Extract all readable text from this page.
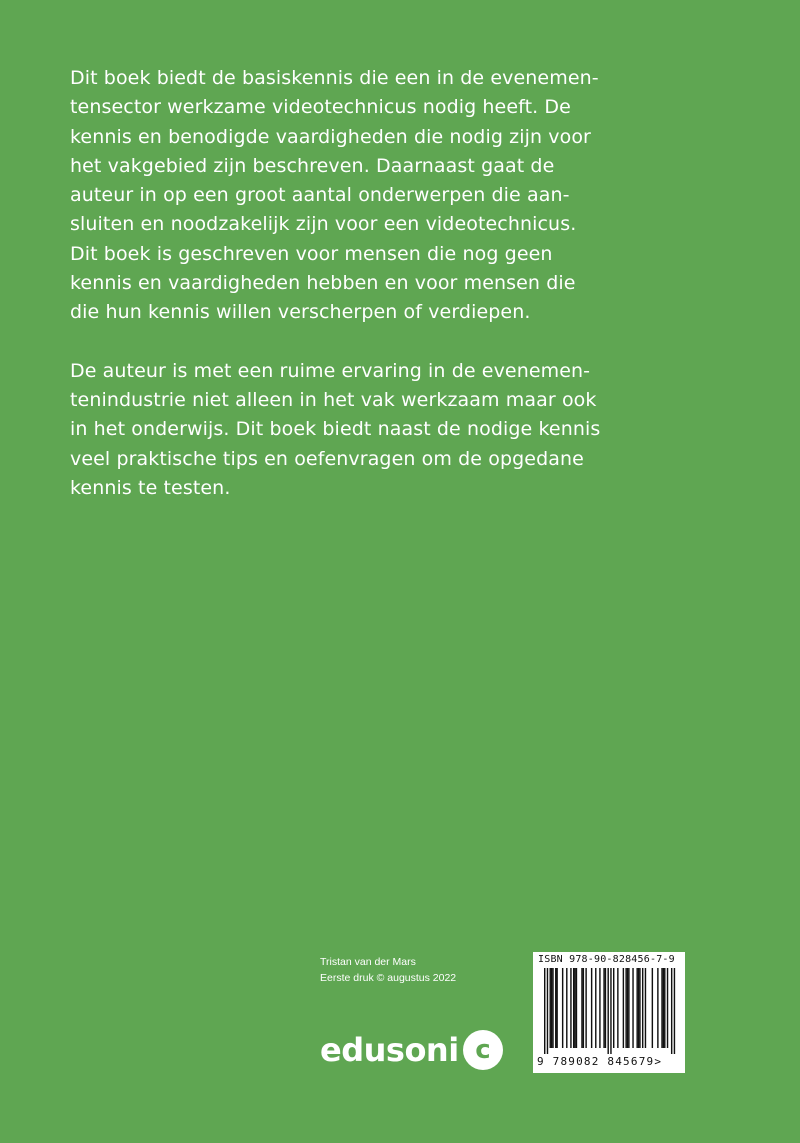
Dit boek biedt de basiskennis die een in de evenemen-
tensector werkzame videotechnicus nodig heeft. De
kennis en benodigde vaardigheden die nodig zijn voor
het vakgebied zijn beschreven. Daarnaast gaat de
auteur in op een groot aantal onderwerpen die aan-
sluiten en noodzakelijk zijn voor een videotechnicus.
Dit boek is geschreven voor mensen die nog geen
kennis en vaardigheden hebben en voor mensen die
die hun kennis willen verscherpen of verdiepen.

De auteur is met een ruime ervaring in de evenemen-
tenindustrie niet alleen in het vak werkzaam maar ook
in het onderwijs. Dit boek biedt naast de nodige kennis
veel praktische tips en oefenvragen om de opgedane
kennis te testen.

Tristan van der Mars
Eerste druk © augustus 2022
edusoni c
ISBN 978-90-828456-7-9
9 789082 845679>
